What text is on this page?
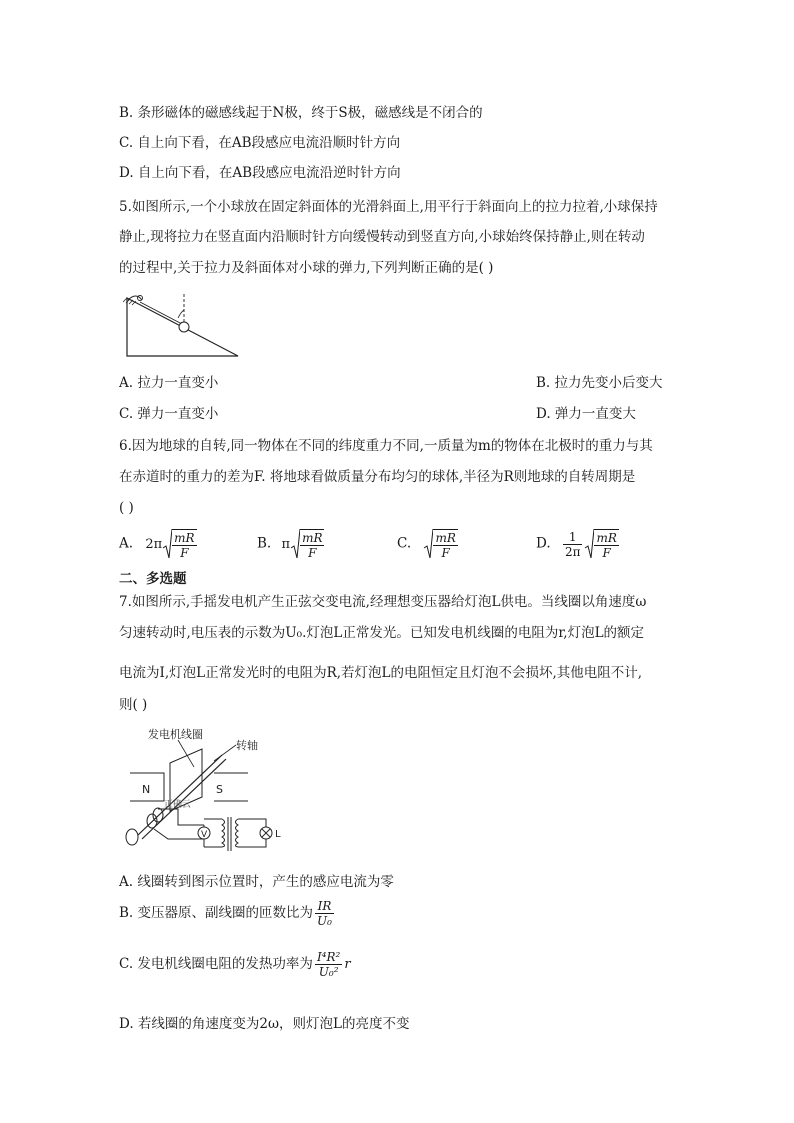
B. 条形磁体的磁感线起于N极，终于S极，磁感线是不闭合的
C. 自上向下看，在AB段感应电流沿顺时针方向
D. 自上向下看，在AB段感应电流沿逆时针方向
5.如图所示,一个小球放在固定斜面体的光滑斜面上,用平行于斜面向上的拉力拉着,小球保持
静止,现将拉力在竖直面内沿顺时针方向缓慢转动到竖直方向,小球始终保持静止,则在转动
的过程中,关于拉力及斜面体对小球的弹力,下列判断正确的是( )
A. 拉力一直变小	B. 拉力先变小后变大
C. 弹力一直变小	D. 弹力一直变大
6.因为地球的自转,同一物体在不同的纬度重力不同,一质量为m的物体在北极时的重力与其
在赤道时的重力的差为F. 将地球看做质量分布均匀的球体,半径为R则地球的自转周期是
( )
A. $2\pi \frac{mR}{F}$	B. π $\frac{mR}{F}$	C. $\frac{mR}{F}$	D. $\frac{1}{2\pi} \frac{mR}{F}$
二、多选题
7.如图所示,手摇发电机产生正弦交变电流,经理想变压器给灯泡L供电。当线圈以角速度ω
匀速转动时,电压表的示数为U₀.灯泡L正常发光。已知发电机线圈的电阻为r,灯泡L的额定
电流为I,灯泡L正常发光时的电阻为R,若灯泡L的电阻恒定且灯泡不会损坏,其他电阻不计,
则( )
发电机线圈
转轴
N	S
正确云
V	L
A. 线圈转到图示位置时，产生的感应电流为零
B. 变压器原、副线圈的匝数比为 $\frac{IR}{\text{U₀}}$
C. 发电机线圈电阻的发热功率为 $\frac{\text{I⁴R²}}{\text{U₀²}}$ r
D. 若线圈的角速度变为2ω，则灯泡L的亮度不变
